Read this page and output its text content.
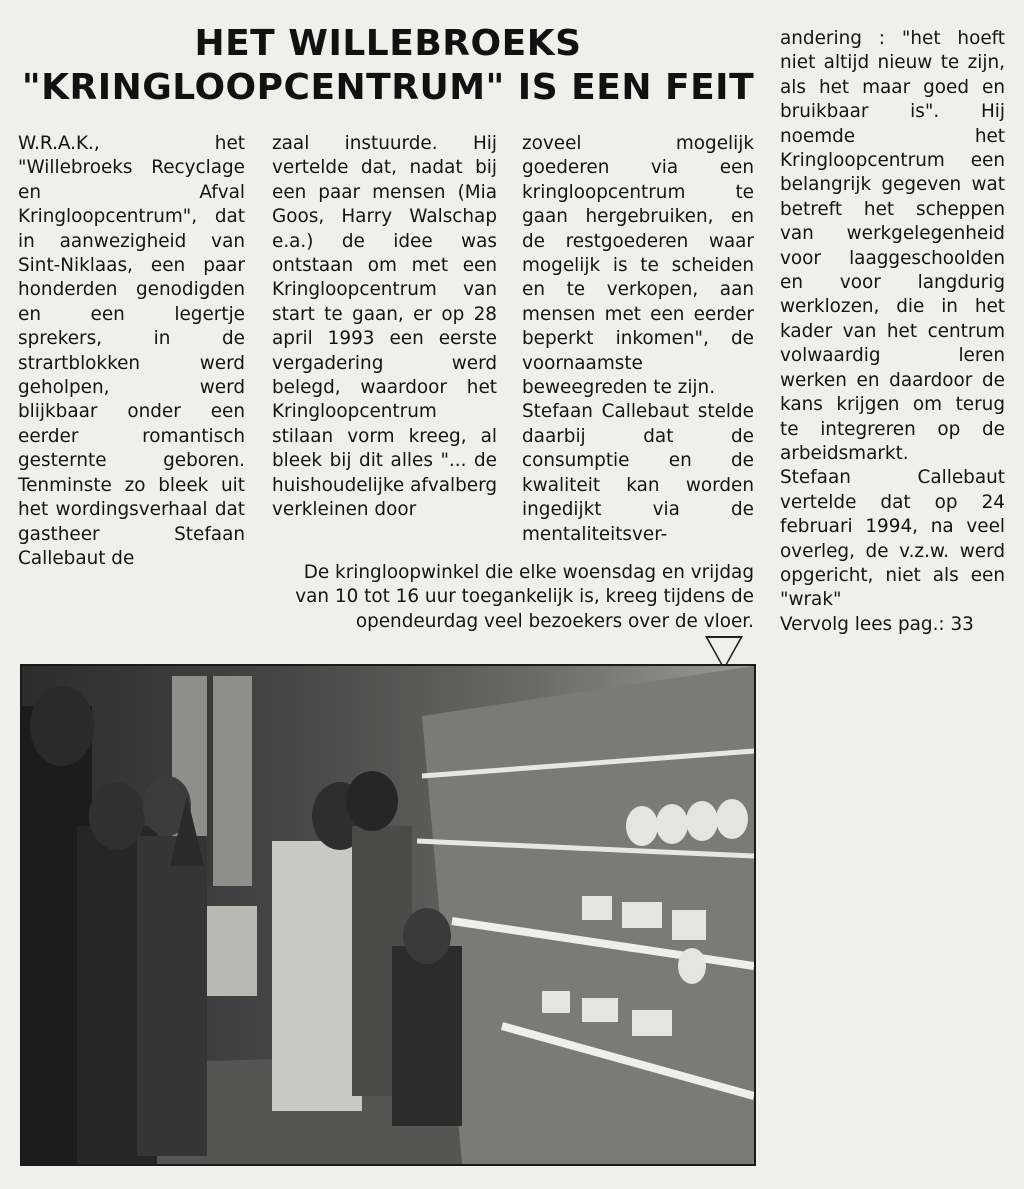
HET WILLEBROEKS
"KRINGLOOPCENTRUM" IS EEN FEIT

W.R.A.K., het "Willebroeks Recyclage en Afval Kringloopcentrum", dat in aanwezigheid van Sint-Niklaas, een paar honderden genodigden en een legertje sprekers, in de strartblokken werd geholpen, werd blijkbaar onder een eerder romantisch gesternte geboren. Tenminste zo bleek uit het wordingsverhaal dat gastheer Stefaan Callebaut de

zaal instuurde. Hij vertelde dat, nadat bij een paar mensen (Mia Goos, Harry Walschap e.a.) de idee was ontstaan om met een Kringloopcentrum van start te gaan, er op 28 april 1993 een eerste vergadering werd belegd, waardoor het Kringloopcentrum stilaan vorm kreeg, al bleek bij dit alles "... de huishoudelijke afvalberg verkleinen door

zoveel mogelijk goederen via een kringloopcentrum te gaan hergebruiken, en de restgoederen waar mogelijk is te scheiden en te verkopen, aan mensen met een eerder beperkt inkomen", de voornaamste beweegreden te zijn.

Stefaan Callebaut stelde daarbij dat de consumptie en de kwaliteit kan worden ingedijkt via de mentaliteitsver-

andering : "het hoeft niet altijd nieuw te zijn, als het maar goed en bruikbaar is". Hij noemde het Kringloopcentrum een belangrijk gegeven wat betreft het scheppen van werkgelegenheid voor laaggeschoolden en voor langdurig werklozen, die in het kader van het centrum volwaardig leren werken en daardoor de kans krijgen om terug te integreren op de arbeidsmarkt.

Stefaan Callebaut vertelde dat op 24 februari 1994, na veel overleg, de v.z.w. werd opgericht, niet als een "wrak"

Vervolg lees pag.: 33

De kringloopwinkel die elke woensdag en vrijdag van 10 tot 16 uur toegankelijk is, kreeg tijdens de opendeurdag veel bezoekers over de vloer.
